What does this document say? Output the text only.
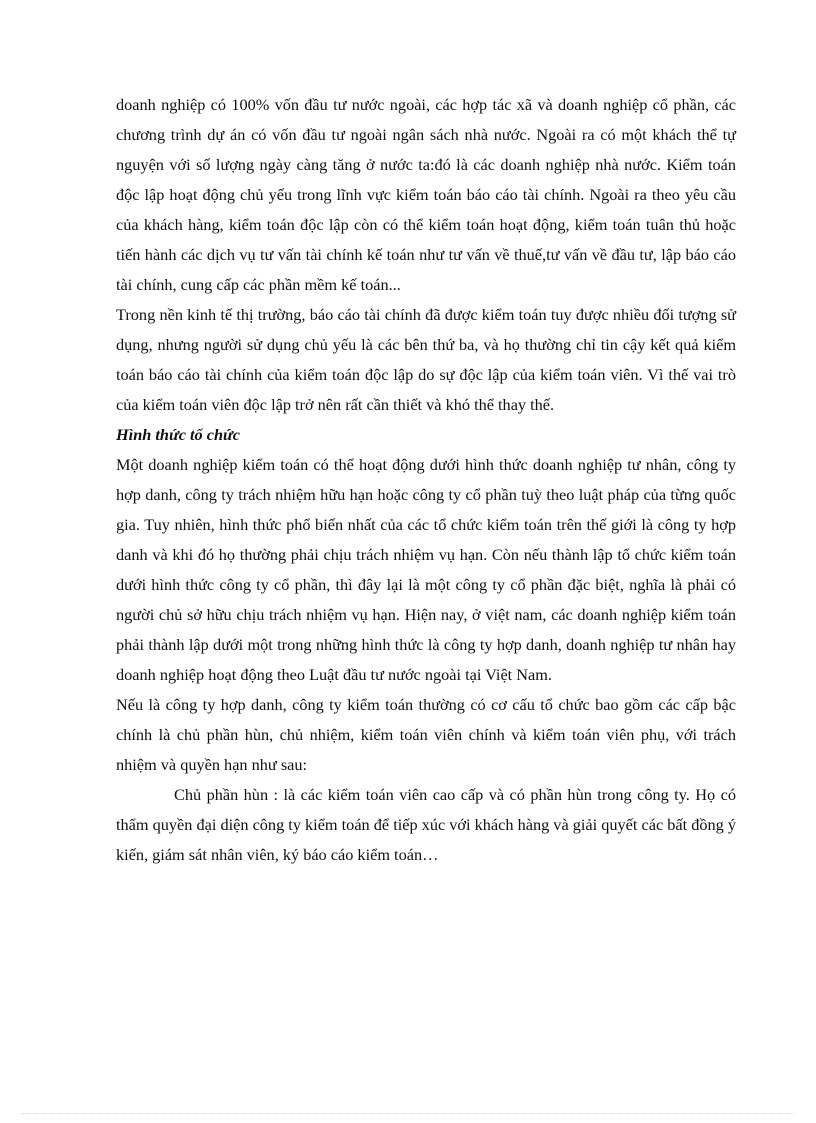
doanh nghiệp có 100% vốn đầu tư nước ngoài, các hợp tác xã và doanh nghiệp cổ phần, các chương trình dự án có vốn đầu tư ngoài ngân sách nhà nước. Ngoài ra có một khách thể tự nguyện với số lượng ngày càng tăng ở nước ta:đó là các doanh nghiệp nhà nước. Kiểm toán độc lập hoạt động chủ yếu trong lĩnh vực kiểm toán báo cáo tài chính. Ngoài ra theo yêu cầu của khách hàng, kiểm toán độc lập còn có thể kiểm toán hoạt động, kiểm toán tuân thủ hoặc tiến hành các dịch vụ tư vấn tài chính kế toán như tư vấn về thuế,tư vấn về đầu tư, lập báo cáo tài chính, cung cấp các phần mềm kế toán...

Trong nền kinh tế thị trường, báo cáo tài chính đã được kiểm toán tuy được nhiều đối tượng sử dụng, nhưng người sử dụng chủ yếu là các bên thứ ba, và họ thường chỉ tin cậy kết quả kiểm toán báo cáo tài chính của kiểm toán độc lập do sự độc lập của kiểm toán viên. Vì thế vai trò của kiểm toán viên độc lập trở nên rất cần thiết và khó thể thay thế.

Hình thức tổ chức

Một doanh nghiệp kiểm toán có thể hoạt động dưới hình thức doanh nghiệp tư nhân, công ty hợp danh, công ty trách nhiệm hữu hạn hoặc công ty cổ phần tuỳ theo luật pháp của từng quốc gia. Tuy nhiên, hình thức phổ biến nhất của các tổ chức kiểm toán trên thế giới là công ty hợp danh và khi đó họ thường phải chịu trách nhiệm vụ hạn. Còn nếu thành lập tổ chức kiểm toán dưới hình thức công ty cổ phần, thì đây lại là một công ty cổ phần đặc biệt, nghĩa là phải có người chủ sở hữu chịu trách nhiệm vụ hạn. Hiện nay, ở việt nam, các doanh nghiệp kiểm toán phải thành lập dưới một trong những hình thức là công ty hợp danh, doanh nghiệp tư nhân hay doanh nghiệp hoạt động theo Luật đầu tư nước ngoài tại Việt Nam.

Nếu là công ty hợp danh, công ty kiểm toán thường có cơ cấu tổ chức bao gồm các cấp bậc chính là chủ phần hùn, chủ nhiệm, kiểm toán viên chính và kiểm toán viên phụ, với trách nhiệm và quyền hạn như sau:

Chủ phần hùn : là các kiểm toán viên cao cấp và có phần hùn trong công ty. Họ có thẩm quyền đại diện công ty kiểm toán để tiếp xúc với khách hàng và giải quyết các bất đồng ý kiến, giám sát nhân viên, ký báo cáo kiểm toán…
